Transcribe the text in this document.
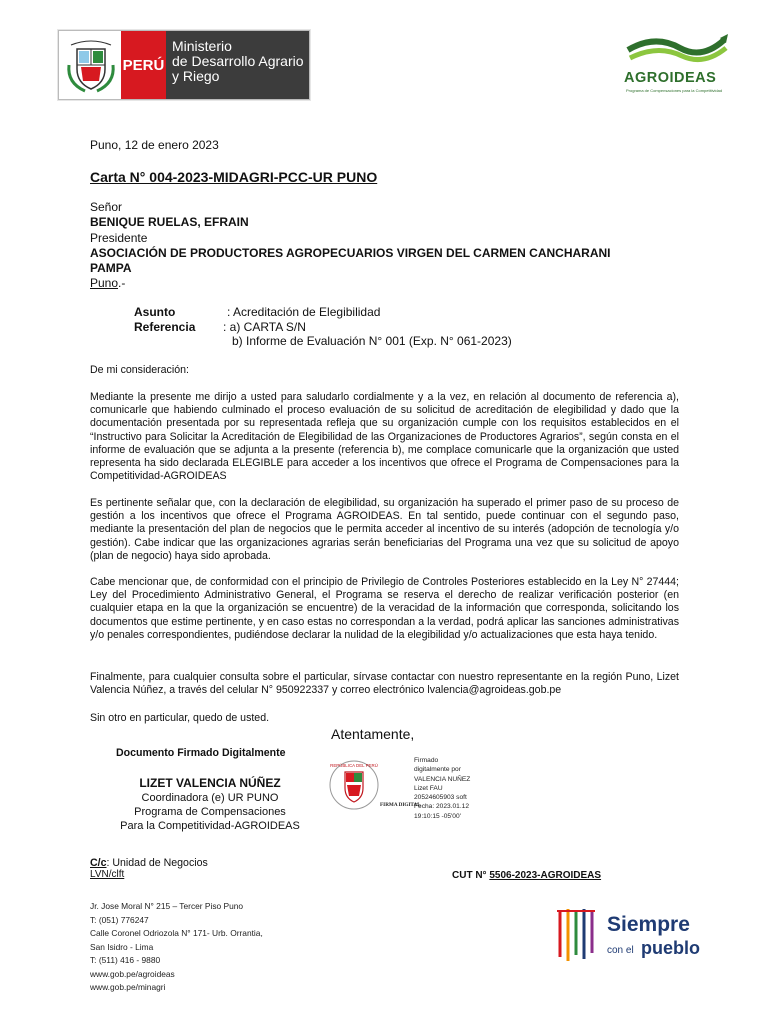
PERÚ
Ministerio
de Desarrollo Agrario
y Riego	AGROIDEAS
Programa de Compensaciones para la Competitividad
Puno, 12 de enero 2023
Carta N° 004-2023-MIDAGRI-PCC-UR PUNO
Señor
BENIQUE RUELAS, EFRAIN
Presidente
ASOCIACIÓN DE PRODUCTORES AGROPECUARIOS VIRGEN DEL CARMEN CANCHARANI
PAMPA
Puno.-
Asunto	: Acreditación de Elegibilidad
Referencia : a) CARTA S/N
b) Informe de Evaluación N° 001 (Exp. N° 061-2023)
De mi consideración:
Mediante la presente me dirijo a usted para saludarlo cordialmente y a la vez, en relación al documento de referencia a), comunicarle que habiendo culminado el proceso evaluación de su solicitud de acreditación de elegibilidad y dado que la documentación presentada por su representada refleja que su organización cumple con los requisitos establecidos en el “Instructivo para Solicitar la Acreditación de Elegibilidad de las Organizaciones de Productores Agrarios”, según consta en el informe de evaluación que se adjunta a la presente (referencia b), me complace comunicarle que la organización que usted representa ha sido declarada ELEGIBLE para acceder a los incentivos que ofrece el Programa de Compensaciones para la Competitividad-AGROIDEAS
Es pertinente señalar que, con la declaración de elegibilidad, su organización ha superado el primer paso de su proceso de gestión a los incentivos que ofrece el Programa AGROIDEAS. En tal sentido, puede continuar con el segundo paso, mediante la presentación del plan de negocios que le permita acceder al incentivo de su interés (adopción de tecnología y/o gestión). Cabe indicar que las organizaciones agrarias serán beneficiarias del Programa una vez que su solicitud de apoyo (plan de negocio) haya sido aprobada.
Cabe mencionar que, de conformidad con el principio de Privilegio de Controles Posteriores establecido en la Ley N° 27444; Ley del Procedimiento Administrativo General, el Programa se reserva el derecho de realizar verificación posterior (en cualquier etapa en la que la organización se encuentre) de la veracidad de la información que corresponda, solicitando los documentos que estime pertinente, y en caso estas no correspondan a la verdad, podrá aplicar las sanciones administrativas y/o penales correspondientes, pudiéndose declarar la nulidad de la elegibilidad y/o actualizaciones que esta haya tenido.
Finalmente, para cualquier consulta sobre el particular, sírvase contactar con nuestro representante en la región Puno, Lizet Valencia Núñez, a través del celular N° 950922337 y correo electrónico lvalencia@agroideas.gob.pe
Sin otro en particular, quedo de usted.
Atentamente,
Documento Firmado Digitalmente
LIZET VALENCIA NÚÑEZ
Coordinadora (e) UR PUNO
Programa de Compensaciones
Para la Competitividad-AGROIDEAS
REPÚBLICA DEL PERÚ
FIRMA DIGITAL
Firmado
digitalmente por
VALENCIA NUÑEZ
Lizet FAU
20524605903 soft
Fecha: 2023.01.12
19:10:15 -05'00'
C/c: Unidad de Negocios
LVN/clft	CUT N° 5506-2023-AGROIDEAS
Jr. Jose Moral N° 215 – Tercer Piso Puno
T: (051) 776247
Calle Coronel Odriozola N° 171- Urb. Orrantia,
San Isidro - Lima
T: (511) 416 - 9880
www.gob.pe/agroideas
www.gob.pe/minagri
Siempre
con el pueblo
